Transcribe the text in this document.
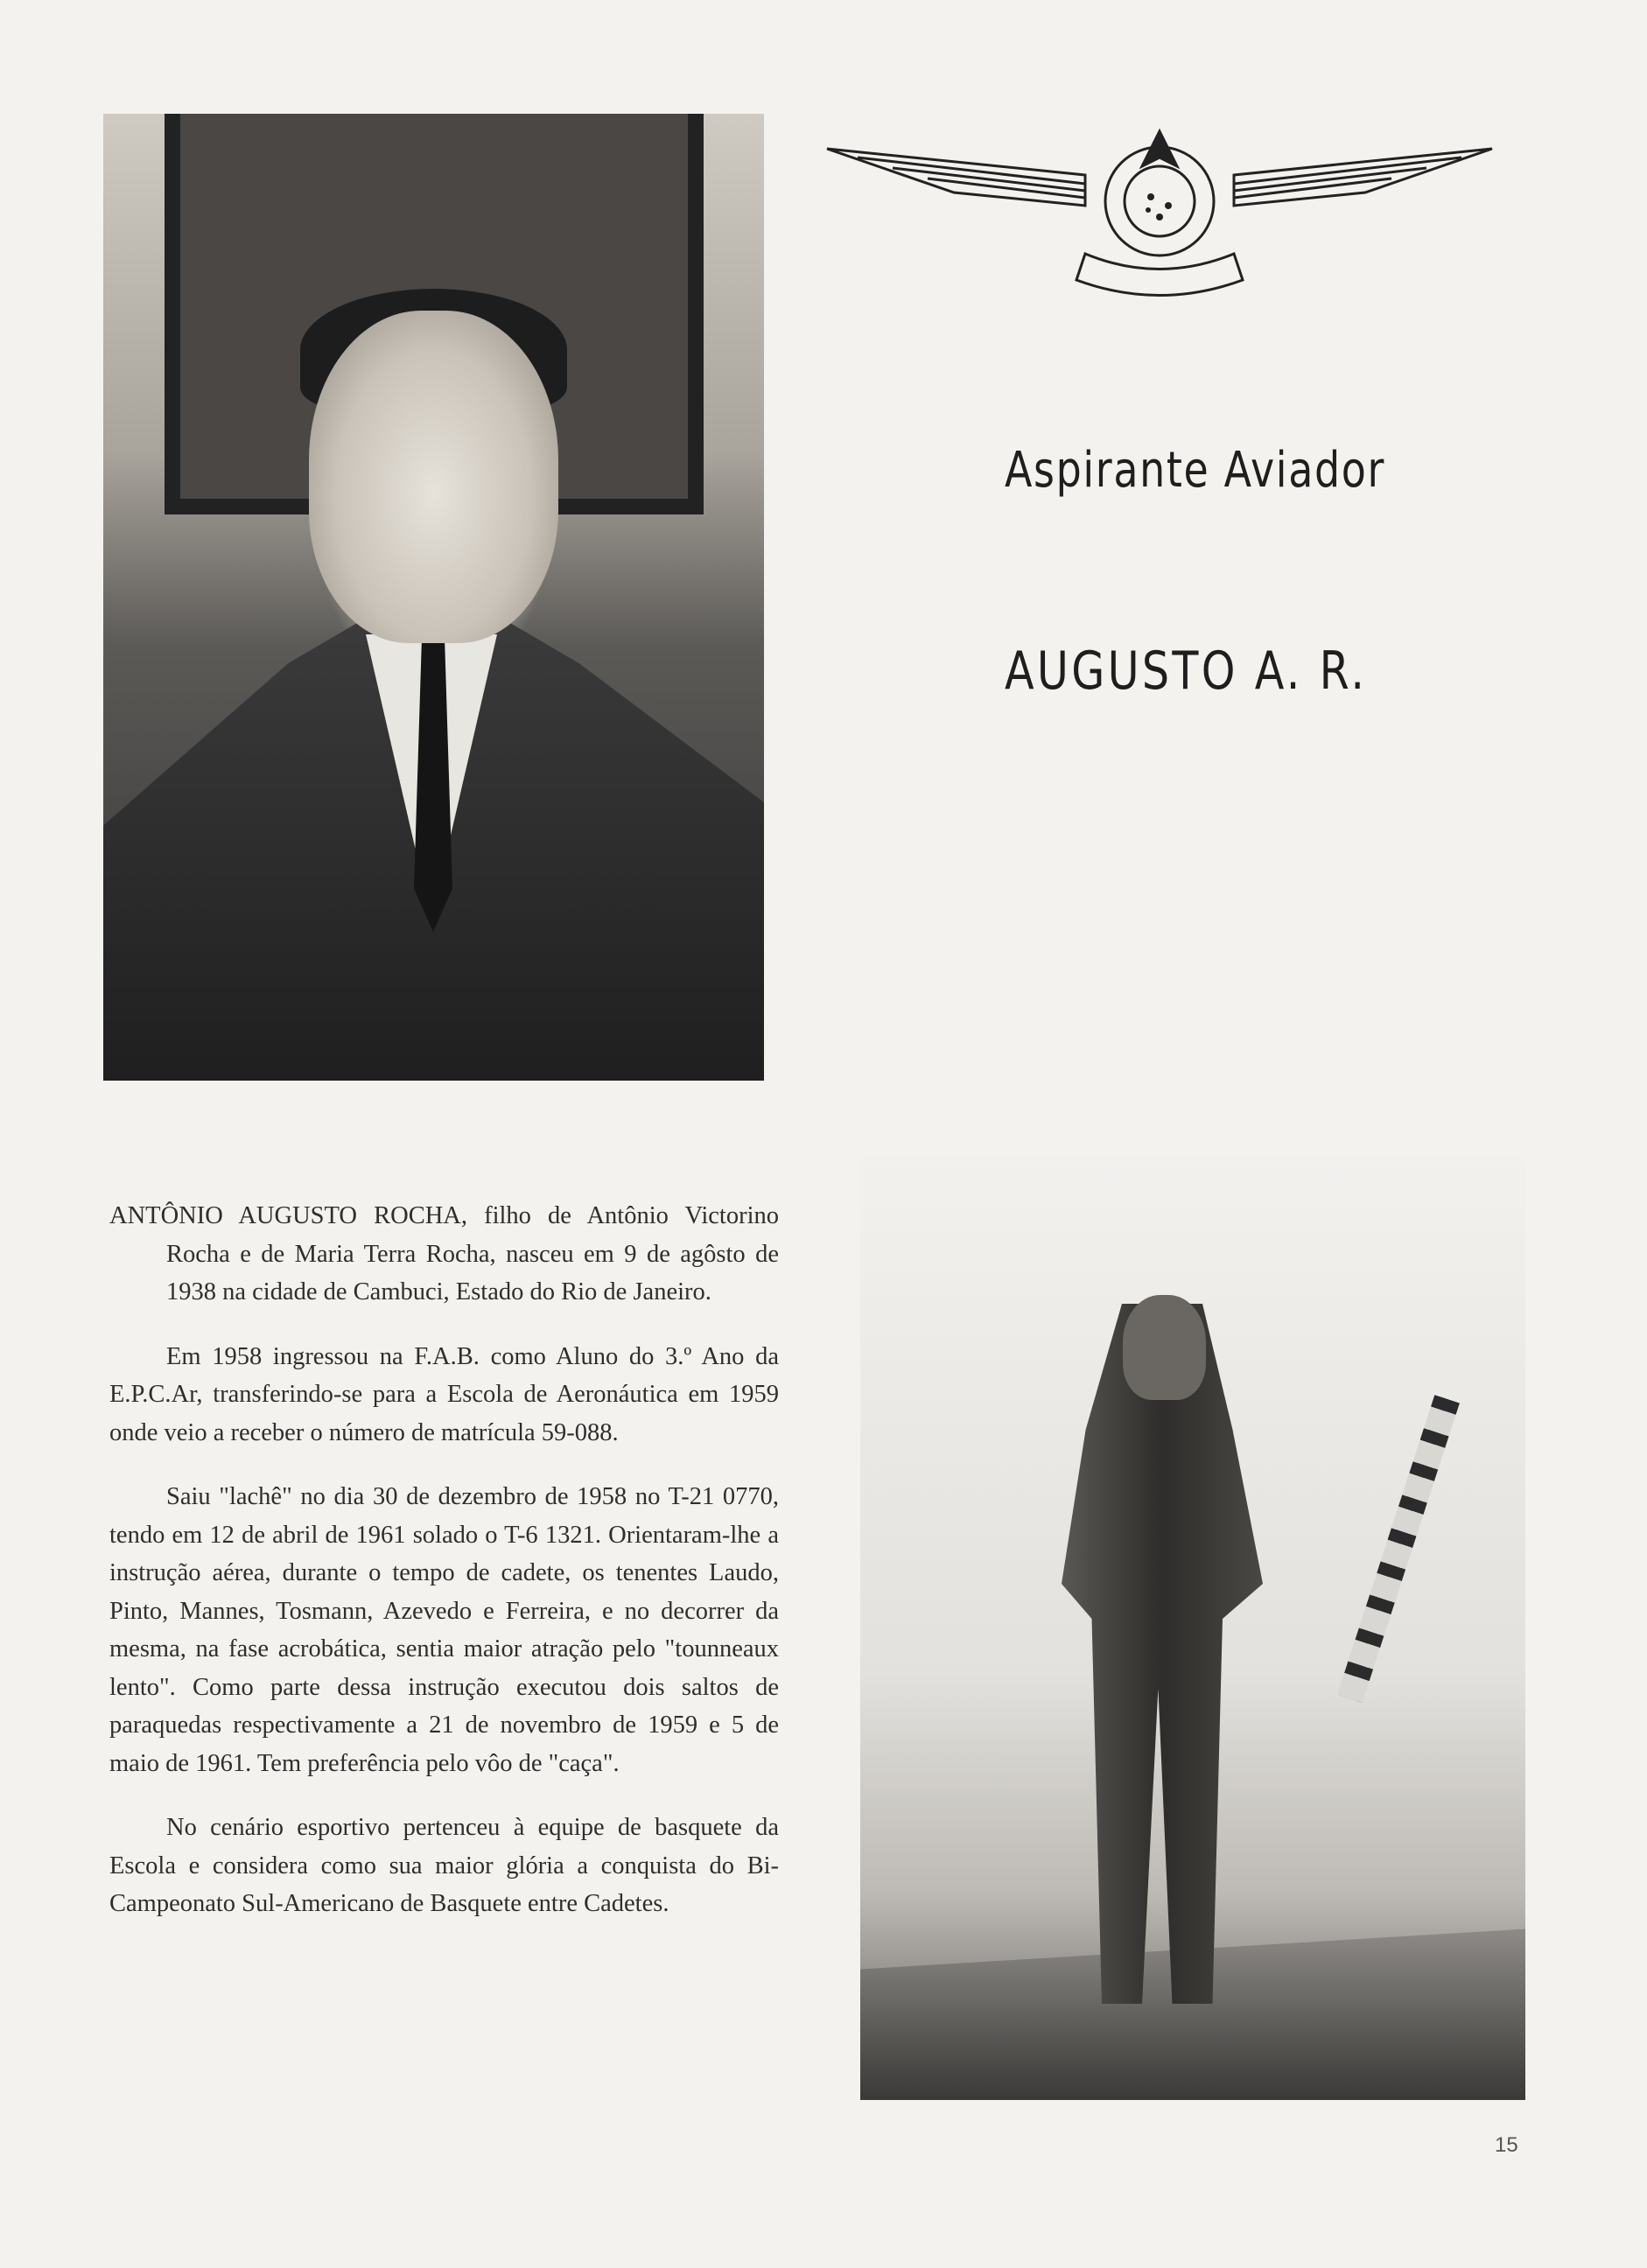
Aspirante Aviador
AUGUSTO A. R.

ANTÔNIO AUGUSTO ROCHA, filho de Antônio Victorino Rocha e de Maria Terra Rocha, nasceu em 9 de agôsto de 1938 na cidade de Cambuci, Estado do Rio de Janeiro.

Em 1958 ingressou na F.A.B. como Aluno do 3.º Ano da E.P.C.Ar, transferindo-se para a Escola de Aeronáutica em 1959 onde veio a receber o número de matrícula 59-088.

Saiu "lachê" no dia 30 de dezembro de 1958 no T-21 0770, tendo em 12 de abril de 1961 solado o T-6 1321. Orientaram-lhe a instrução aérea, durante o tempo de cadete, os tenentes Laudo, Pinto, Mannes, Tosmann, Azevedo e Ferreira, e no decorrer da mesma, na fase acrobática, sentia maior atração pelo "tounneaux lento". Como parte dessa instrução executou dois saltos de paraquedas respectivamente a 21 de novembro de 1959 e 5 de maio de 1961. Tem preferência pelo vôo de "caça".

No cenário esportivo pertenceu à equipe de basquete da Escola e considera como sua maior glória a conquista do Bi-Campeonato Sul-Americano de Basquete entre Cadetes.

15
